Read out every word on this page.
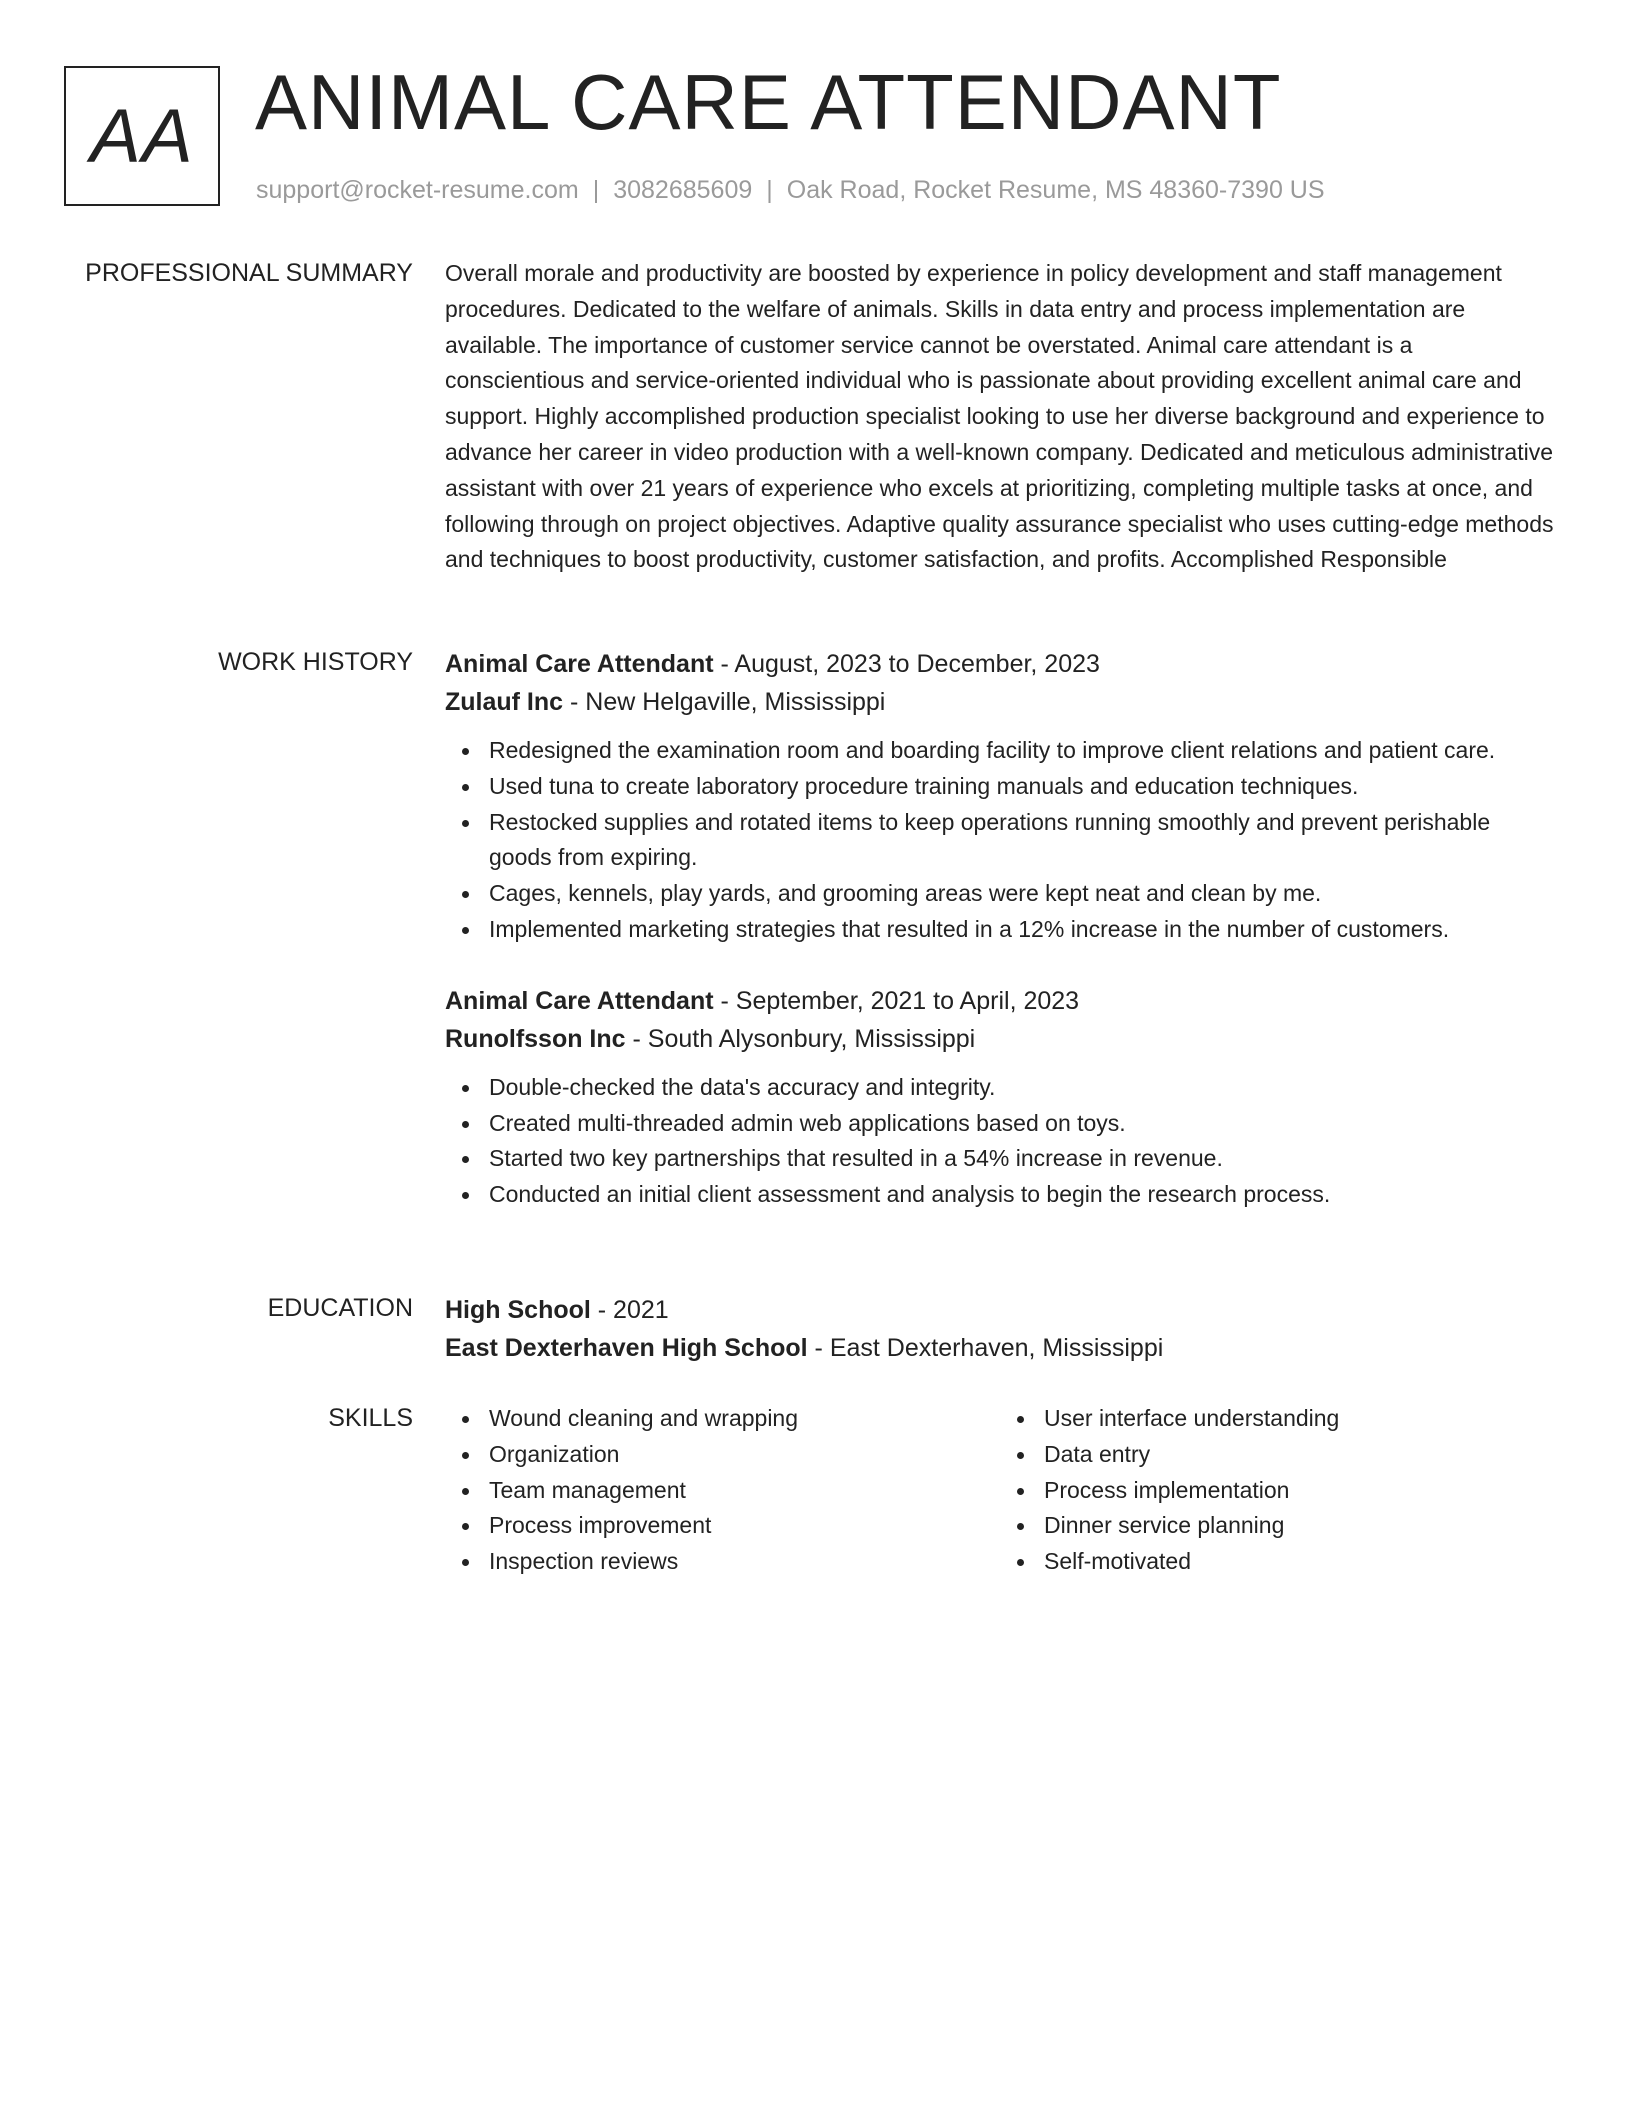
AA ANIMAL CARE ATTENDANT
support@rocket-resume.com | 3082685609 | Oak Road, Rocket Resume, MS 48360-7390 US
PROFESSIONAL SUMMARY Overall morale and productivity are boosted by experience in policy development and staff management procedures. Dedicated to the welfare of animals. Skills in data entry and process implementation are available. The importance of customer service cannot be overstated. Animal care attendant is a conscientious and service-oriented individual who is passionate about providing excellent animal care and support. Highly accomplished production specialist looking to use her diverse background and experience to advance her career in video production with a well-known company. Dedicated and meticulous administrative assistant with over 21 years of experience who excels at prioritizing, completing multiple tasks at once, and following through on project objectives. Adaptive quality assurance specialist who uses cutting-edge methods and techniques to boost productivity, customer satisfaction, and profits. Accomplished Responsible

WORK HISTORY Animal Care Attendant - August, 2023 to December, 2023
Zulauf Inc - New Helgaville, Mississippi
Redesigned the examination room and boarding facility to improve client relations and patient care.
Used tuna to create laboratory procedure training manuals and education techniques.
Restocked supplies and rotated items to keep operations running smoothly and prevent perishable goods from expiring.
Cages, kennels, play yards, and grooming areas were kept neat and clean by me.
Implemented marketing strategies that resulted in a 12% increase in the number of customers.
Animal Care Attendant - September, 2021 to April, 2023
Runolfsson Inc - South Alysonbury, Mississippi
Double-checked the data's accuracy and integrity.
Created multi-threaded admin web applications based on toys.
Started two key partnerships that resulted in a 54% increase in revenue.
Conducted an initial client assessment and analysis to begin the research process.
EDUCATION High School - 2021
East Dexterhaven High School - East Dexterhaven, Mississippi
SKILLS	Wound cleaning and wrapping
Organization
Team management
Process improvement
Inspection reviews
User interface understanding
Data entry
Process implementation
Dinner service planning
Self-motivated
